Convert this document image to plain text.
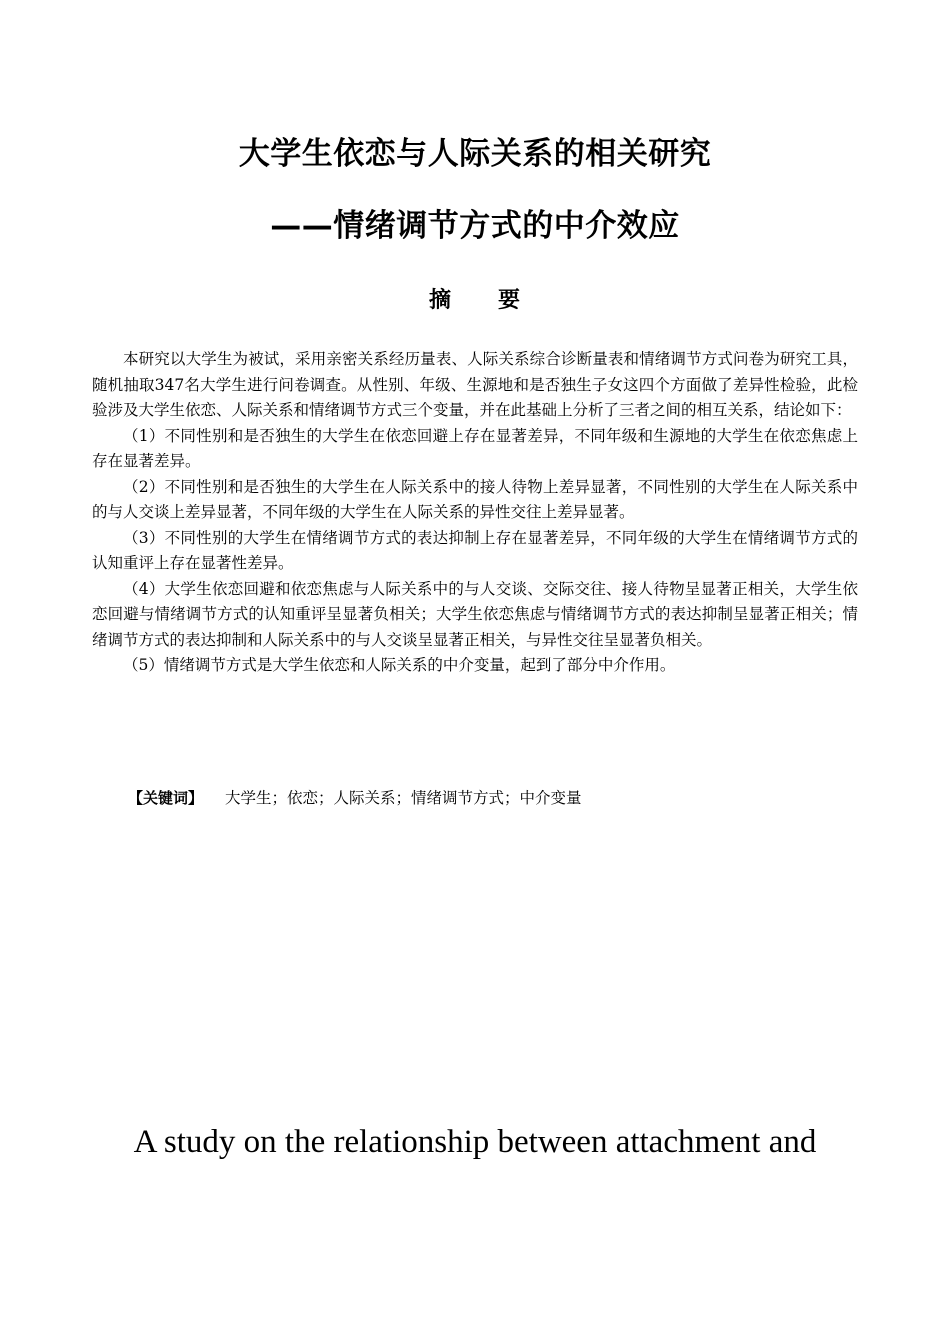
大学生依恋与人际关系的相关研究
——情绪调节方式的中介效应
摘 要

本研究以大学生为被试，采用亲密关系经历量表、人际关系综合诊断量表和情绪调节方式问卷为研究工具，随机抽取347名大学生进行问卷调查。从性别、年级、生源地和是否独生子女这四个方面做了差异性检验，此检验涉及大学生依恋、人际关系和情绪调节方式三个变量，并在此基础上分析了三者之间的相互关系，结论如下：

（1）不同性别和是否独生的大学生在依恋回避上存在显著差异，不同年级和生源地的大学生在依恋焦虑上存在显著差异。

（2）不同性别和是否独生的大学生在人际关系中的接人待物上差异显著，不同性别的大学生在人际关系中的与人交谈上差异显著，不同年级的大学生在人际关系的异性交往上差异显著。

（3）不同性别的大学生在情绪调节方式的表达抑制上存在显著差异，不同年级的大学生在情绪调节方式的认知重评上存在显著性差异。

（4）大学生依恋回避和依恋焦虑与人际关系中的与人交谈、交际交往、接人待物呈显著正相关，大学生依恋回避与情绪调节方式的认知重评呈显著负相关；大学生依恋焦虑与情绪调节方式的表达抑制呈显著正相关；情绪调节方式的表达抑制和人际关系中的与人交谈呈显著正相关，与异性交往呈显著负相关。

（5）情绪调节方式是大学生依恋和人际关系的中介变量，起到了部分中介作用。

【关键词】 大学生；依恋；人际关系；情绪调节方式；中介变量
A study on the relationship between attachment and
